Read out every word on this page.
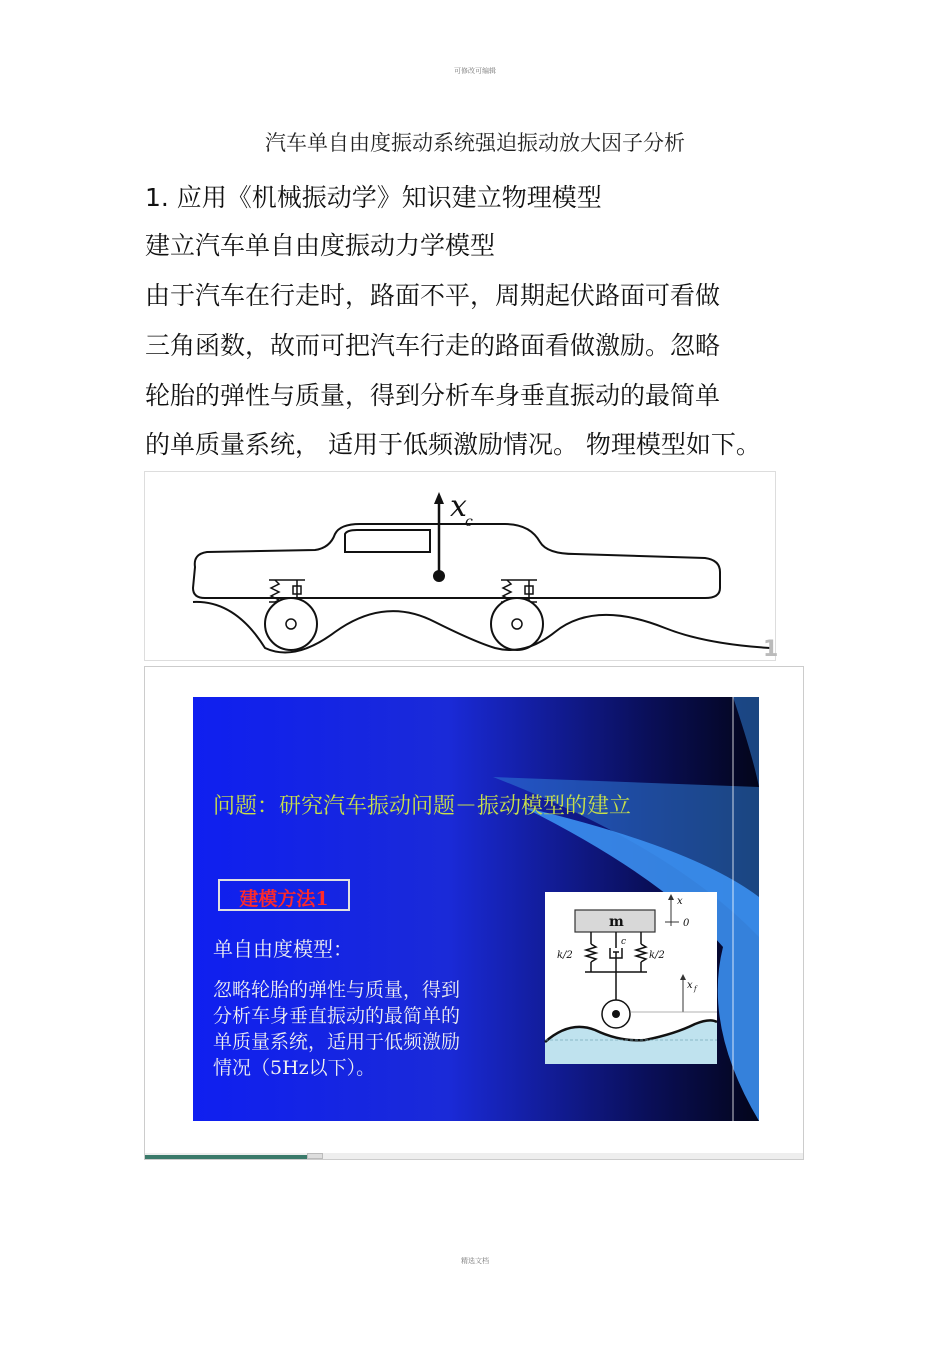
可修改可编辑
汽车单自由度振动系统强迫振动放大因子分析
1. 应用《机械振动学》知识建立物理模型
建立汽车单自由度振动力学模型
由于汽车在行走时，路面不平，周期起伏路面可看做
三角函数，故而可把汽车行走的路面看做激励。忽略
轮胎的弹性与质量，得到分析车身垂直振动的最简单
的单质量系统， 适用于低频激励情况。 物理模型如下。
x
c
1
问题：研究汽车振动问题－振动模型的建立
建模方法1
单自由度模型：
忽略轮胎的弹性与质量，得到
分析车身垂直振动的最简单的
单质量系统，适用于低频激励
情况（5Hz以下）。
m
x
0
k/2	k/2
c
x f
精选文档
